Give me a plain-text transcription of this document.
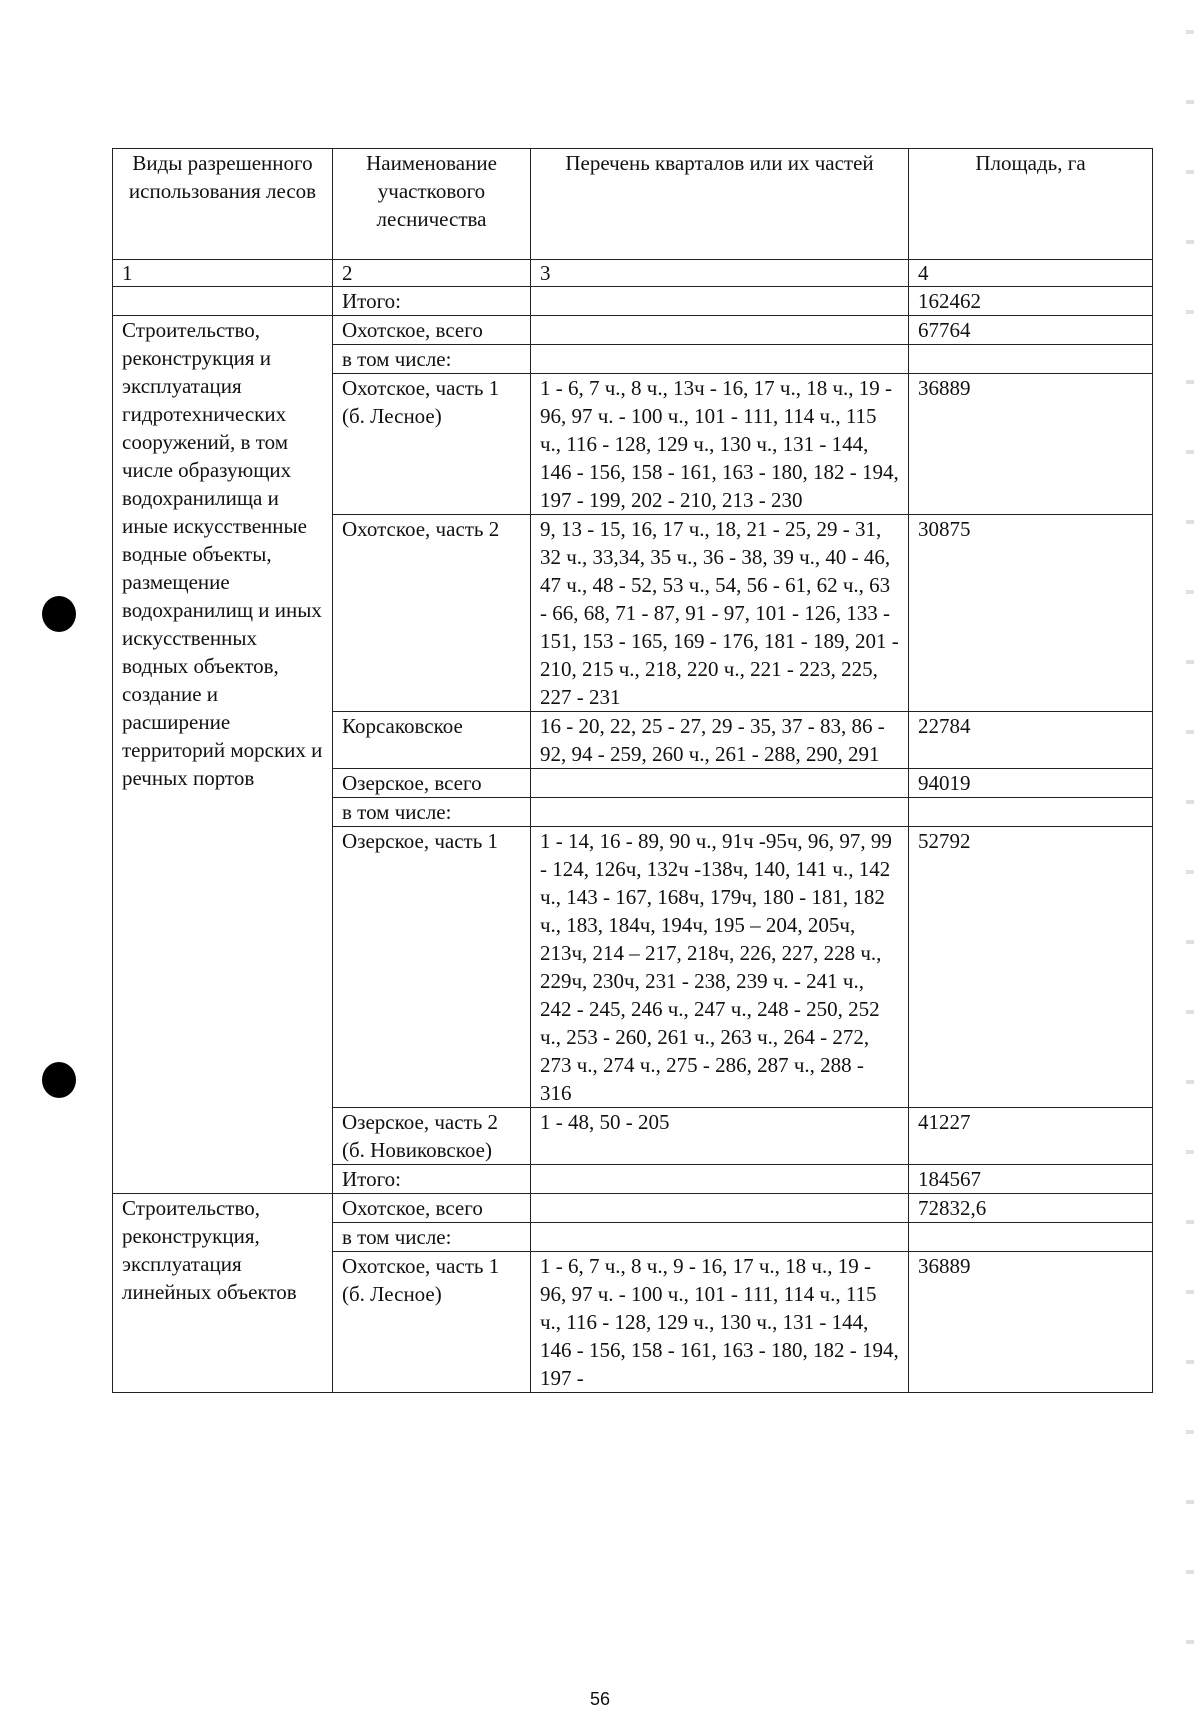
Виды разрешенного использования лесов	Наименование участкового лесничества	Перечень кварталов или их частей	Площадь, га
1	2	3	4
	Итого:		162462
Строительство, реконструкция и эксплуатация гидротехнических сооружений, в том числе образующих водохранилища и иные искусственные водные объекты, размещение водохранилищ и иных искусственных водных объектов, создание и расширение территорий морских и речных портов	Охотское, всего		67764
	в том числе:		
	Охотское, часть 1 (б. Лесное)	1 - 6, 7 ч., 8 ч., 13ч - 16, 17 ч., 18 ч., 19 - 96, 97 ч. - 100 ч., 101 - 111, 114 ч., 115 ч., 116 - 128, 129 ч., 130 ч., 131 - 144, 146 - 156, 158 - 161, 163 - 180, 182 - 194, 197 - 199, 202 - 210, 213 - 230	36889
	Охотское, часть 2	9, 13 - 15, 16, 17 ч., 18, 21 - 25, 29 - 31, 32 ч., 33,34, 35 ч., 36 - 38, 39 ч., 40 - 46, 47 ч., 48 - 52, 53 ч., 54, 56 - 61, 62 ч., 63 - 66, 68, 71 - 87, 91 - 97, 101 - 126, 133 - 151, 153 - 165, 169 - 176, 181 - 189, 201 - 210, 215 ч., 218, 220 ч., 221 - 223, 225, 227 - 231	30875
	Корсаковское	16 - 20, 22, 25 - 27, 29 - 35, 37 - 83, 86 - 92, 94 - 259, 260 ч., 261 - 288, 290, 291	22784
	Озерское, всего		94019
	в том числе:		
	Озерское, часть 1	1 - 14, 16 - 89, 90 ч., 91ч -95ч, 96, 97, 99 - 124, 126ч, 132ч -138ч, 140, 141 ч., 142 ч., 143 - 167, 168ч, 179ч, 180 - 181, 182 ч., 183, 184ч, 194ч, 195 – 204, 205ч, 213ч, 214 – 217, 218ч, 226, 227, 228 ч., 229ч, 230ч, 231 - 238, 239 ч. - 241 ч., 242 - 245, 246 ч., 247 ч., 248 - 250, 252 ч., 253 - 260, 261 ч., 263 ч., 264 - 272, 273 ч., 274 ч., 275 - 286, 287 ч., 288 - 316	52792
	Озерское, часть 2 (б. Новиковское)	1 - 48, 50 - 205	41227
	Итого:		184567
Строительство, реконструкция, эксплуатация линейных объектов	Охотское, всего		72832,6
	в том числе:		
	Охотское, часть 1 (б. Лесное)	1 - 6, 7 ч., 8 ч., 9 - 16, 17 ч., 18 ч., 19 - 96, 97 ч. - 100 ч., 101 - 111, 114 ч., 115 ч., 116 - 128, 129 ч., 130 ч., 131 - 144, 146 - 156, 158 - 161, 163 - 180, 182 - 194, 197 -	36889
56
